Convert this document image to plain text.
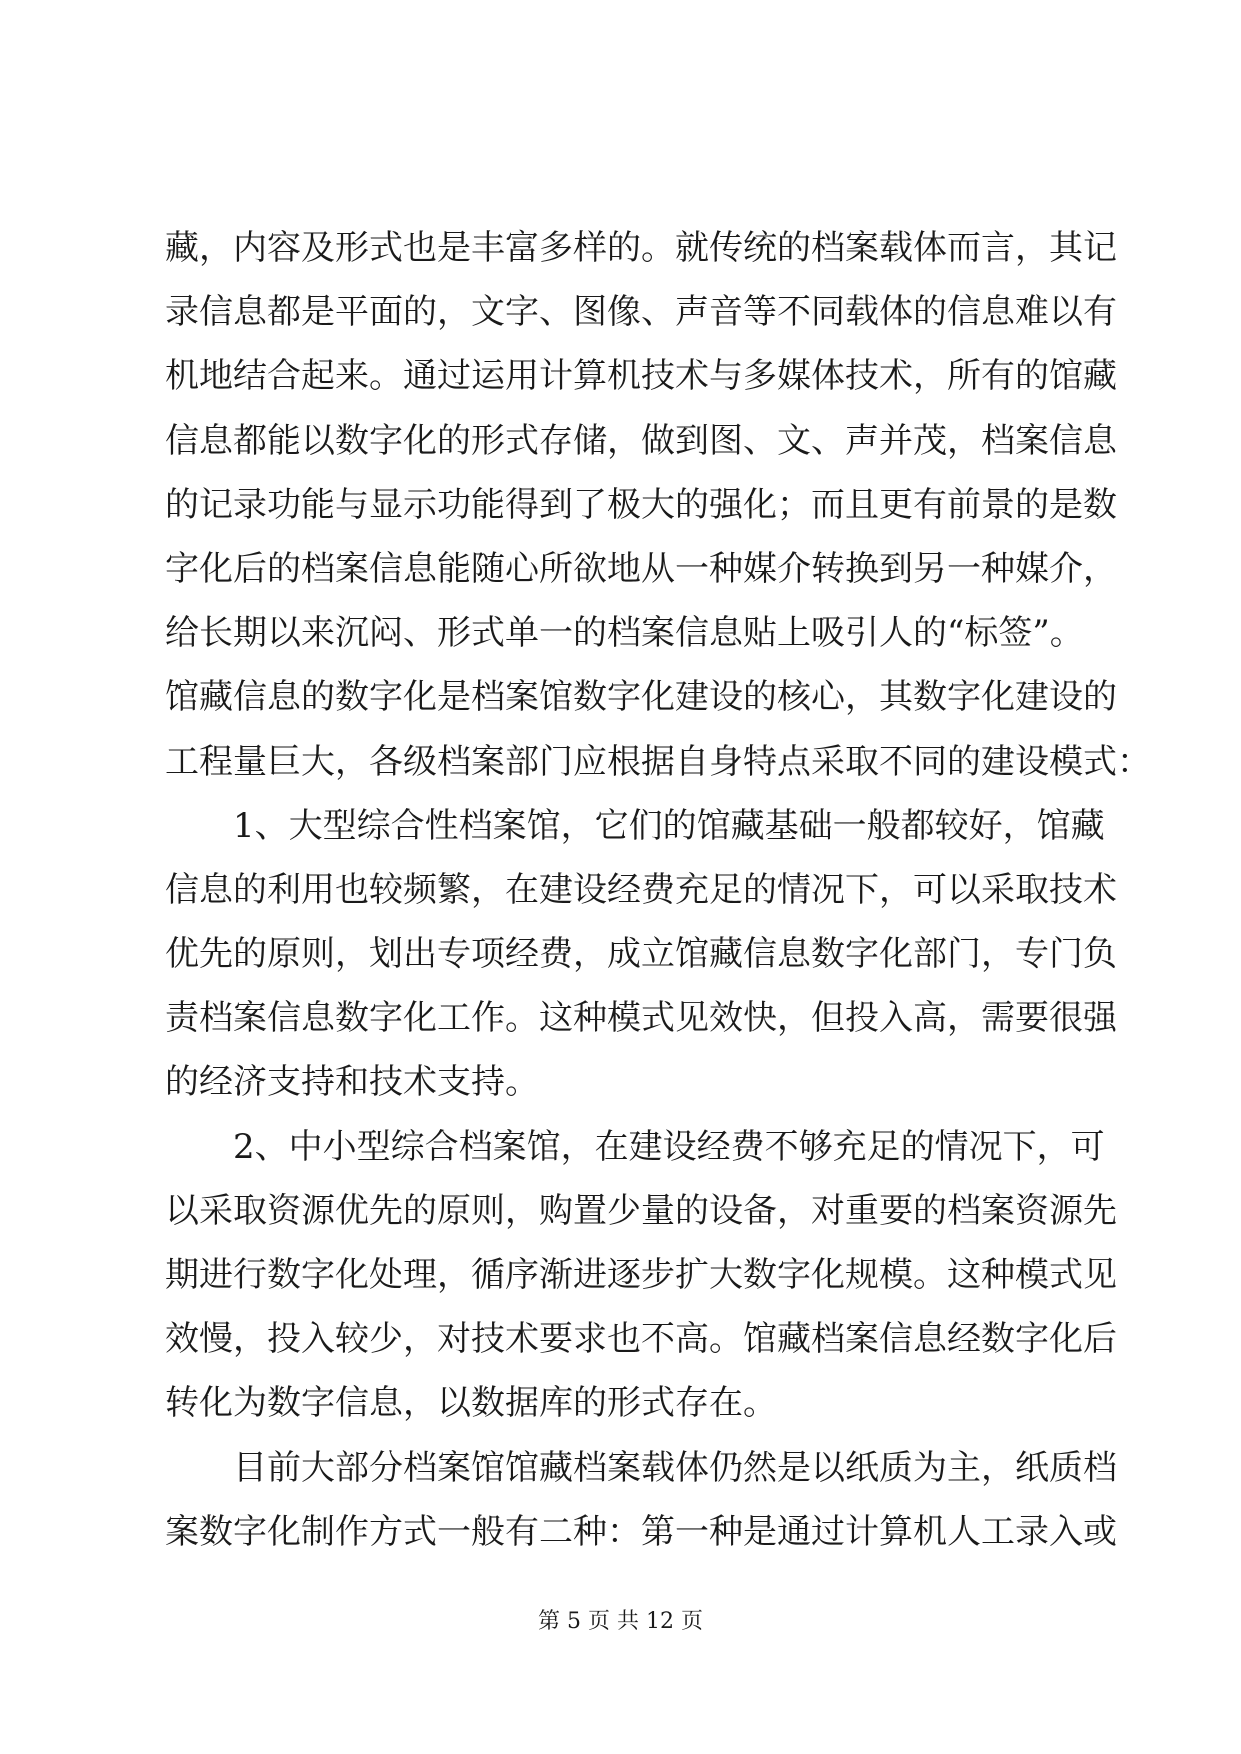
藏，内容及形式也是丰富多样的。就传统的档案载体而言，其记
录信息都是平面的，文字、图像、声音等不同载体的信息难以有
机地结合起来。通过运用计算机技术与多媒体技术，所有的馆藏
信息都能以数字化的形式存储，做到图、文、声并茂，档案信息
的记录功能与显示功能得到了极大的强化；而且更有前景的是数
字化后的档案信息能随心所欲地从一种媒介转换到另一种媒介，
给长期以来沉闷、形式单一的档案信息贴上吸引人的“标签”。
馆藏信息的数字化是档案馆数字化建设的核心，其数字化建设的
工程量巨大，各级档案部门应根据自身特点采取不同的建设模式：
1、大型综合性档案馆，它们的馆藏基础一般都较好，馆藏
信息的利用也较频繁，在建设经费充足的情况下，可以采取技术
优先的原则，划出专项经费，成立馆藏信息数字化部门，专门负
责档案信息数字化工作。这种模式见效快，但投入高，需要很强
的经济支持和技术支持。
2、中小型综合档案馆，在建设经费不够充足的情况下，可
以采取资源优先的原则，购置少量的设备，对重要的档案资源先
期进行数字化处理，循序渐进逐步扩大数字化规模。这种模式见
效慢，投入较少，对技术要求也不高。馆藏档案信息经数字化后
转化为数字信息，以数据库的形式存在。
目前大部分档案馆馆藏档案载体仍然是以纸质为主，纸质档
案数字化制作方式一般有二种：第一种是通过计算机人工录入或
第 5 页 共 12 页
